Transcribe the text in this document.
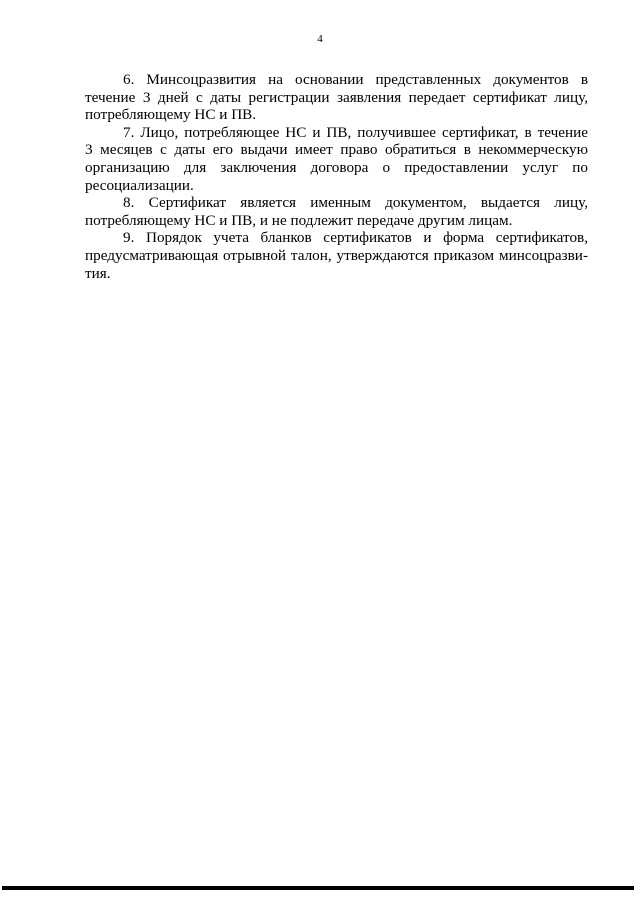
4
6. Минсоцразвития на основании представленных документов в
течение 3 дней с даты регистрации заявления передает сертификат лицу,
потребляющему НС и ПВ.
7. Лицо, потребляющее НС и ПВ, получившее сертификат, в течение
3 месяцев с даты его выдачи имеет право обратиться в некоммерческую
организацию для заключения договора о предоставлении услуг по
ресоциализации.
8. Сертификат является именным документом, выдается лицу,
потребляющему НС и ПВ, и не подлежит передаче другим лицам.
9. Порядок учета бланков сертификатов и форма сертификатов,
предусматривающая отрывной талон, утверждаются приказом минсоцразви-
тия.
